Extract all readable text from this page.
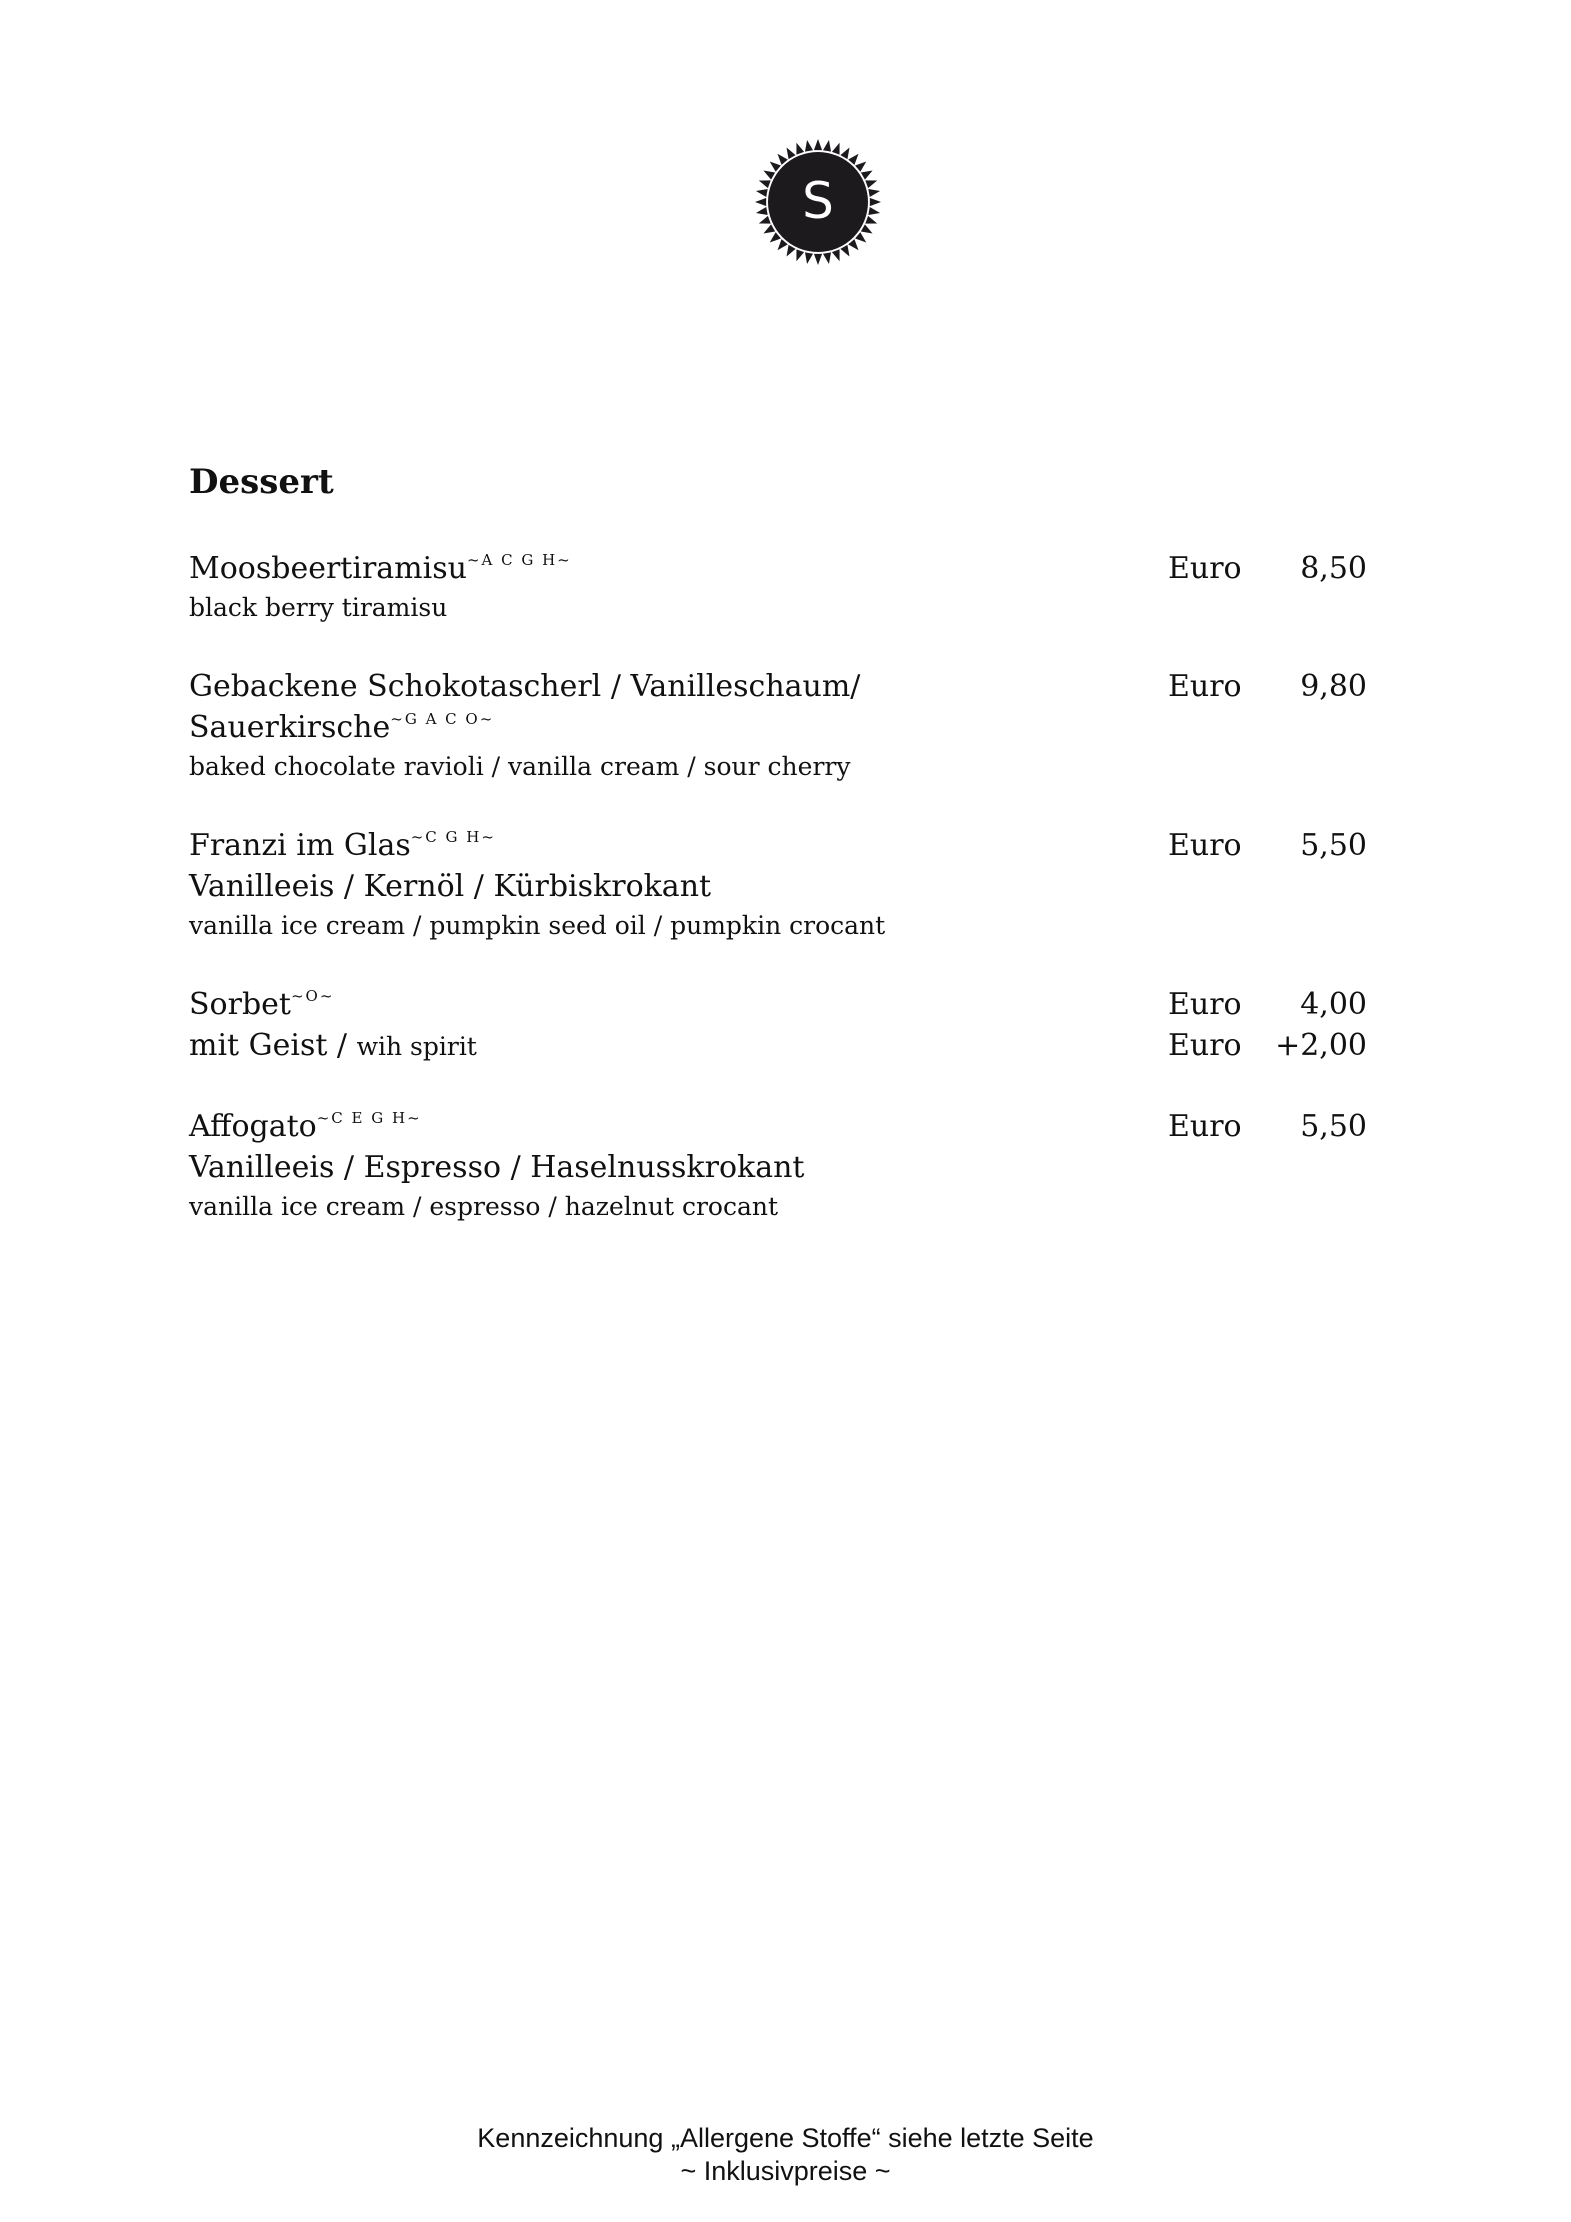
S
Dessert
Moosbeertiramisu$^{\sim A C G H\sim}$	Euro 8,50
black berry tiramisu
Gebackene Schokotascherl / Vanilleschaum/	Euro 9,80
Sauerkirsche$^{\sim G A C O\sim}$
baked chocolate ravioli / vanilla cream / sour cherry
Franzi im Glas$^{\sim C G H\sim}$	Euro 5,50
Vanilleeis / Kernöl / Kürbiskrokant
vanilla ice cream / pumpkin seed oil / pumpkin crocant
Sorbet$^{\sim O\sim}$	Euro 4,00
mit Geist / wih spirit	Euro +2,00
Affogato$^{\sim C E G H\sim}$	Euro 5,50
Vanilleeis / Espresso / Haselnusskrokant
vanilla ice cream / espresso / hazelnut crocant
Kennzeichnung „Allergene Stoffe“ siehe letzte Seite
~ Inklusivpreise ~
